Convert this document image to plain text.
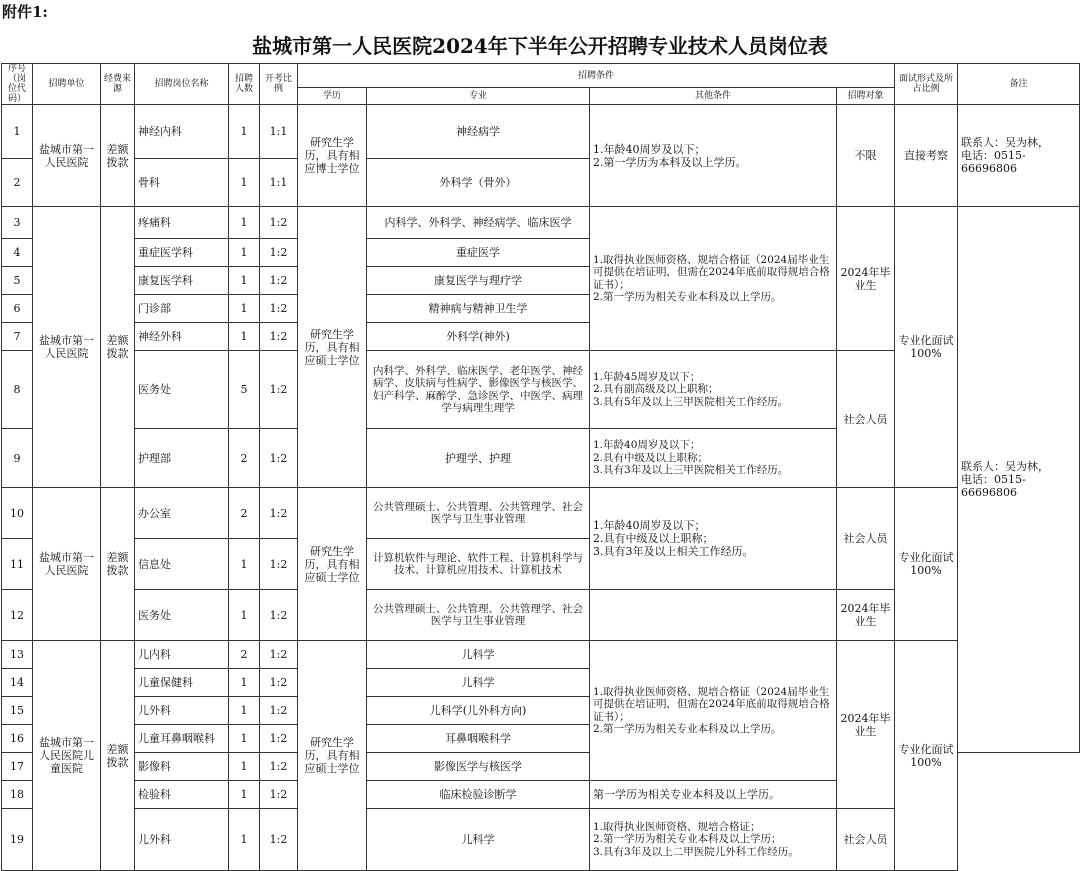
附件1:
盐城市第一人民医院2024年下半年公开招聘专业技术人员岗位表
序号（岗位代码）	招聘单位	经费来源	招聘岗位名称	招聘人数	开考比例	招聘条件				面试形式及所占比例	备注
						学历	专业	其他条件	招聘对象		
1	盐城市第一人民医院	差额拨款	神经内科	1	1:1	研究生学历，具有相应博士学位	神经病学	1.年龄40周岁及以下；
2.第一学历为本科及以上学历。	不限	直接考察	联系人：吴为林，
电话：0515-66696806
2			骨科	1	1:1		外科学（骨外）				
3	盐城市第一人民医院	差额拨款	疼痛科	1	1:2	研究生学历，具有相应硕士学位	内科学、外科学、神经病学、临床医学	1.取得执业医师资格、规培合格证（2024届毕业生可提供在培证明，但需在2024年底前取得规培合格证书）；
2.第一学历为相关专业本科及以上学历。	2024年毕业生	专业化面试
100%	联系人：吴为林，
电话：0515-66696806
4			重症医学科	1	1:2		重症医学				
5			康复医学科	1	1:2		康复医学与理疗学				
6			门诊部	1	1:2		精神病与精神卫生学				
7			神经外科	1	1:2		外科学(神外)				
8			医务处	5	1:2		内科学、外科学、临床医学、老年医学、神经病学、皮肤病与性病学、影像医学与核医学、妇产科学、麻醉学、急诊医学、中医学、病理学与病理生理学	1.年龄45周岁及以下；
2.具有副高级及以上职称；
3.具有5年及以上三甲医院相关工作经历。	社会人员		
9			护理部	2	1:2		护理学、护理	1.年龄40周岁及以下；
2.具有中级及以上职称；
3.具有3年及以上三甲医院相关工作经历。			
10	盐城市第一人民医院	差额拨款	办公室	2	1:2	研究生学历，具有相应硕士学位	公共管理硕士、公共管理、公共管理学、社会医学与卫生事业管理	1.年龄40周岁及以下；
2.具有中级及以上职称；
3.具有3年及以上相关工作经历。	社会人员	专业化面试
100%	
11			信息处	1	1:2		计算机软件与理论、软件工程、计算机科学与技术、计算机应用技术、计算机技术				
12			医务处	1	1:2		公共管理硕士、公共管理、公共管理学、社会医学与卫生事业管理		2024年毕业生		
13	盐城市第一人民医院儿童医院	差额拨款	儿内科	2	1:2	研究生学历，具有相应硕士学位	儿科学	1.取得执业医师资格、规培合格证（2024届毕业生可提供在培证明，但需在2024年底前取得规培合格证书）；
2.第一学历为相关专业本科及以上学历。	2024年毕业生	专业化面试
100%	
14			儿童保健科	1	1:2		儿科学				
15			儿外科	1	1:2		儿科学(儿外科方向)				
16			儿童耳鼻咽喉科	1	1:2		耳鼻咽喉科学				
17			影像科	1	1:2		影像医学与核医学				
18			检验科	1	1:2		临床检验诊断学	第一学历为相关专业本科及以上学历。			
19			儿外科	1	1:2		儿科学	1.取得执业医师资格、规培合格证；
2.第一学历为相关专业本科及以上学历；
3.具有3年及以上二甲医院儿外科工作经历。	社会人员		
